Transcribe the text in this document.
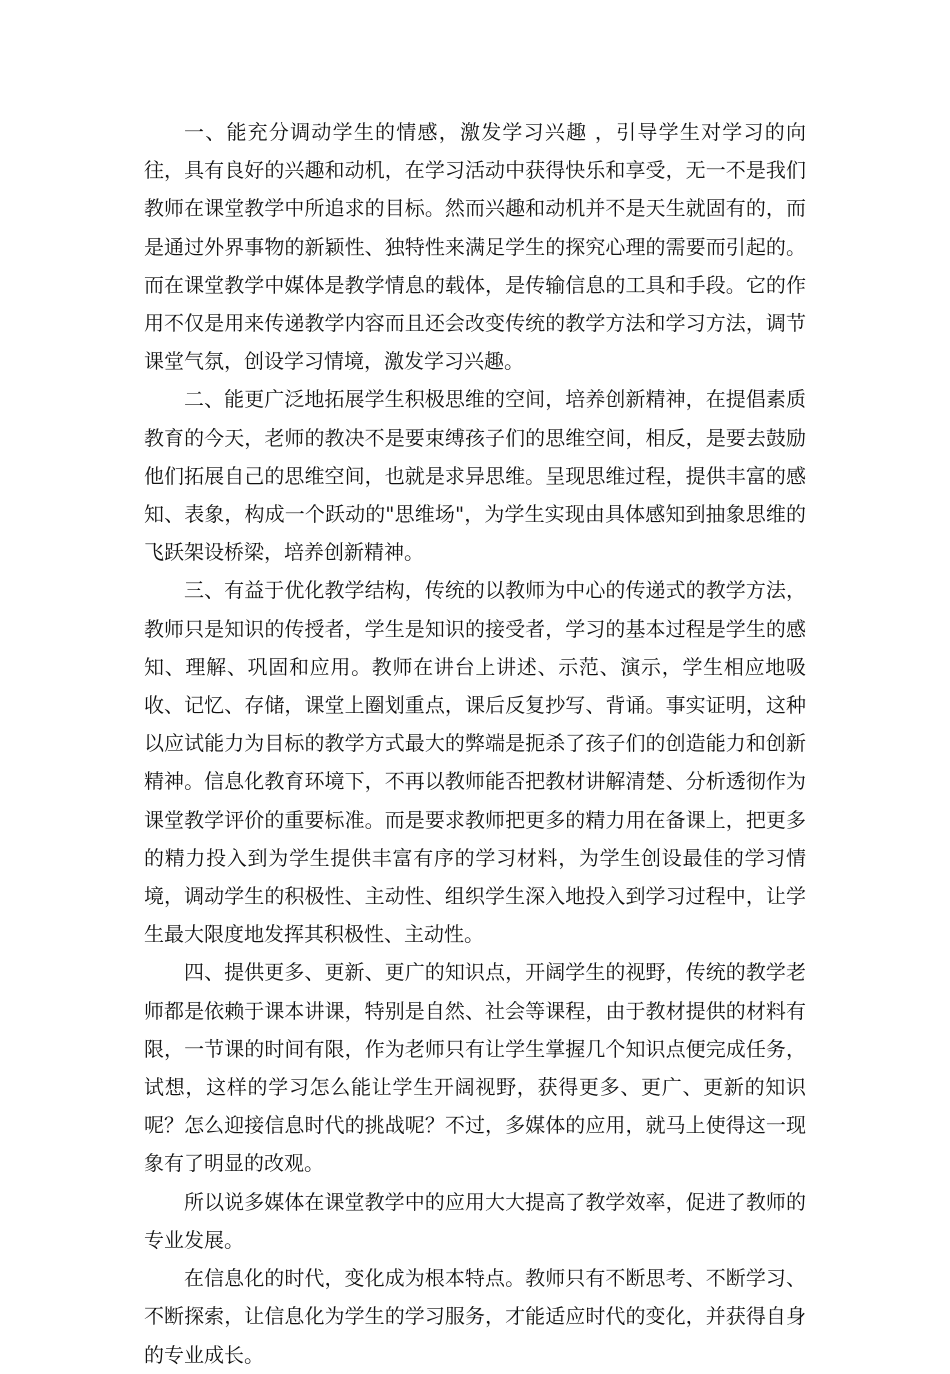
一、能充分调动学生的情感，激发学习兴趣 ，引导学生对学习的向往，具有良好的兴趣和动机，在学习活动中获得快乐和享受，无一不是我们教师在课堂教学中所追求的目标。然而兴趣和动机并不是天生就固有的，而是通过外界事物的新颖性、独特性来满足学生的探究心理的需要而引起的。而在课堂教学中媒体是教学情息的载体，是传输信息的工具和手段。它的作用不仅是用来传递教学内容而且还会改变传统的教学方法和学习方法，调节课堂气氛，创设学习情境，激发学习兴趣。

二、能更广泛地拓展学生积极思维的空间，培养创新精神，在提倡素质教育的今天，老师的教决不是要束缚孩子们的思维空间，相反，是要去鼓励他们拓展自己的思维空间，也就是求异思维。呈现思维过程，提供丰富的感知、表象，构成一个跃动的"思维场"，为学生实现由具体感知到抽象思维的飞跃架设桥梁，培养创新精神。

三、有益于优化教学结构，传统的以教师为中心的传递式的教学方法，教师只是知识的传授者，学生是知识的接受者，学习的基本过程是学生的感知、理解、巩固和应用。教师在讲台上讲述、示范、演示，学生相应地吸收、记忆、存储，课堂上圈划重点，课后反复抄写、背诵。事实证明，这种以应试能力为目标的教学方式最大的弊端是扼杀了孩子们的创造能力和创新精神。信息化教育环境下，不再以教师能否把教材讲解清楚、分析透彻作为课堂教学评价的重要标准。而是要求教师把更多的精力用在备课上，把更多的精力投入到为学生提供丰富有序的学习材料，为学生创设最佳的学习情境，调动学生的积极性、主动性、组织学生深入地投入到学习过程中，让学生最大限度地发挥其积极性、主动性。

四、提供更多、更新、更广的知识点，开阔学生的视野，传统的教学老师都是依赖于课本讲课，特别是自然、社会等课程，由于教材提供的材料有限，一节课的时间有限，作为老师只有让学生掌握几个知识点便完成任务，试想，这样的学习怎么能让学生开阔视野，获得更多、更广、更新的知识呢？怎么迎接信息时代的挑战呢？不过，多媒体的应用，就马上使得这一现象有了明显的改观。

所以说多媒体在课堂教学中的应用大大提高了教学效率，促进了教师的专业发展。

在信息化的时代，变化成为根本特点。教师只有不断思考、不断学习、不断探索，让信息化为学生的学习服务，才能适应时代的变化，并获得自身的专业成长。
